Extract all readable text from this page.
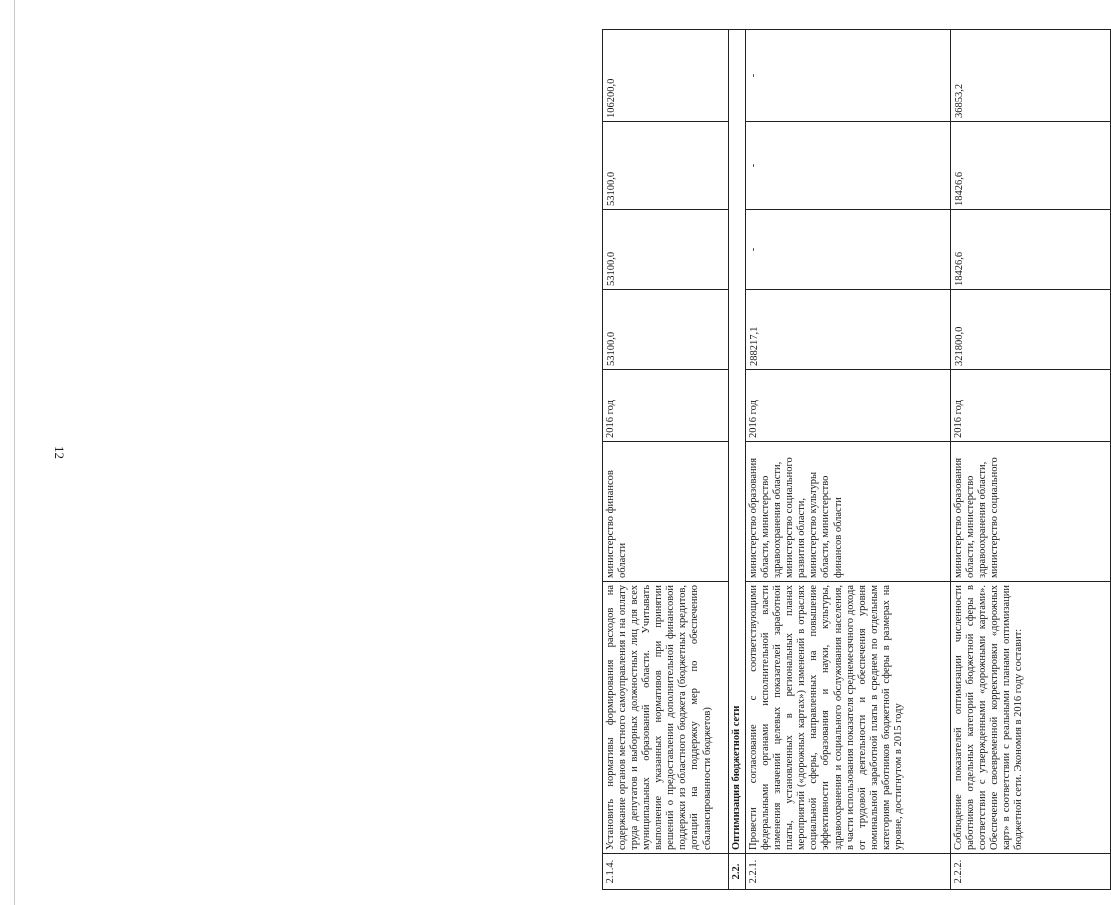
12
2.1.4.	Установить нормативы формирования расходов на содержание органов местного самоуправления и на оплату труда депутатов и выборных должностных лиц для всех муниципальных образований области. Учитывать выполнение указанных нормативов при принятии решений о предоставлении дополнительной финансовой поддержки из областного бюджета (бюджетных кредитов, дотаций на поддержку мер по обеспечению сбалансированности бюджетов)	министерство финансов области	2016 год	53100,0	53100,0	53100,0	106200,0
2.2.	Оптимизация бюджетной сети						
2.2.1.	Провести согласование с соответствующими федеральными органами исполнительной власти изменения значений целевых показателей заработной платы, установленных в региональных планах мероприятий («дорожных картах») изменений в отраслях социальной сферы, направленных на повышение эффективности образования и науки, культуры, здравоохранения и социального обслуживания населения, в части использования показателя среднемесячного дохода от трудовой деятельности и обеспечения уровня номинальной заработной платы в среднем по отдельным категориям работников бюджетной сферы в размерах на уровне, достигнутом в 2015 году	министерство образования области, министерство здравоохранения области, министерство социального развития области, министерство культуры области, министерство финансов области	2016 год	288217,1	-	-	-
2.2.2.	Соблюдение показателей оптимизации численности работников отдельных категорий бюджетной сферы в соответствии с утвержденными «дорожными картами». Обеспечение своевременной корректировки «дорожных карт» в соответствии с реальными планами оптимизации бюджетной сети. Экономия в 2016 году составит:	министерство образования области, министерство здравоохранения области, министерство социального	2016 год	321800,0	18426,6	18426,6	36853,2
